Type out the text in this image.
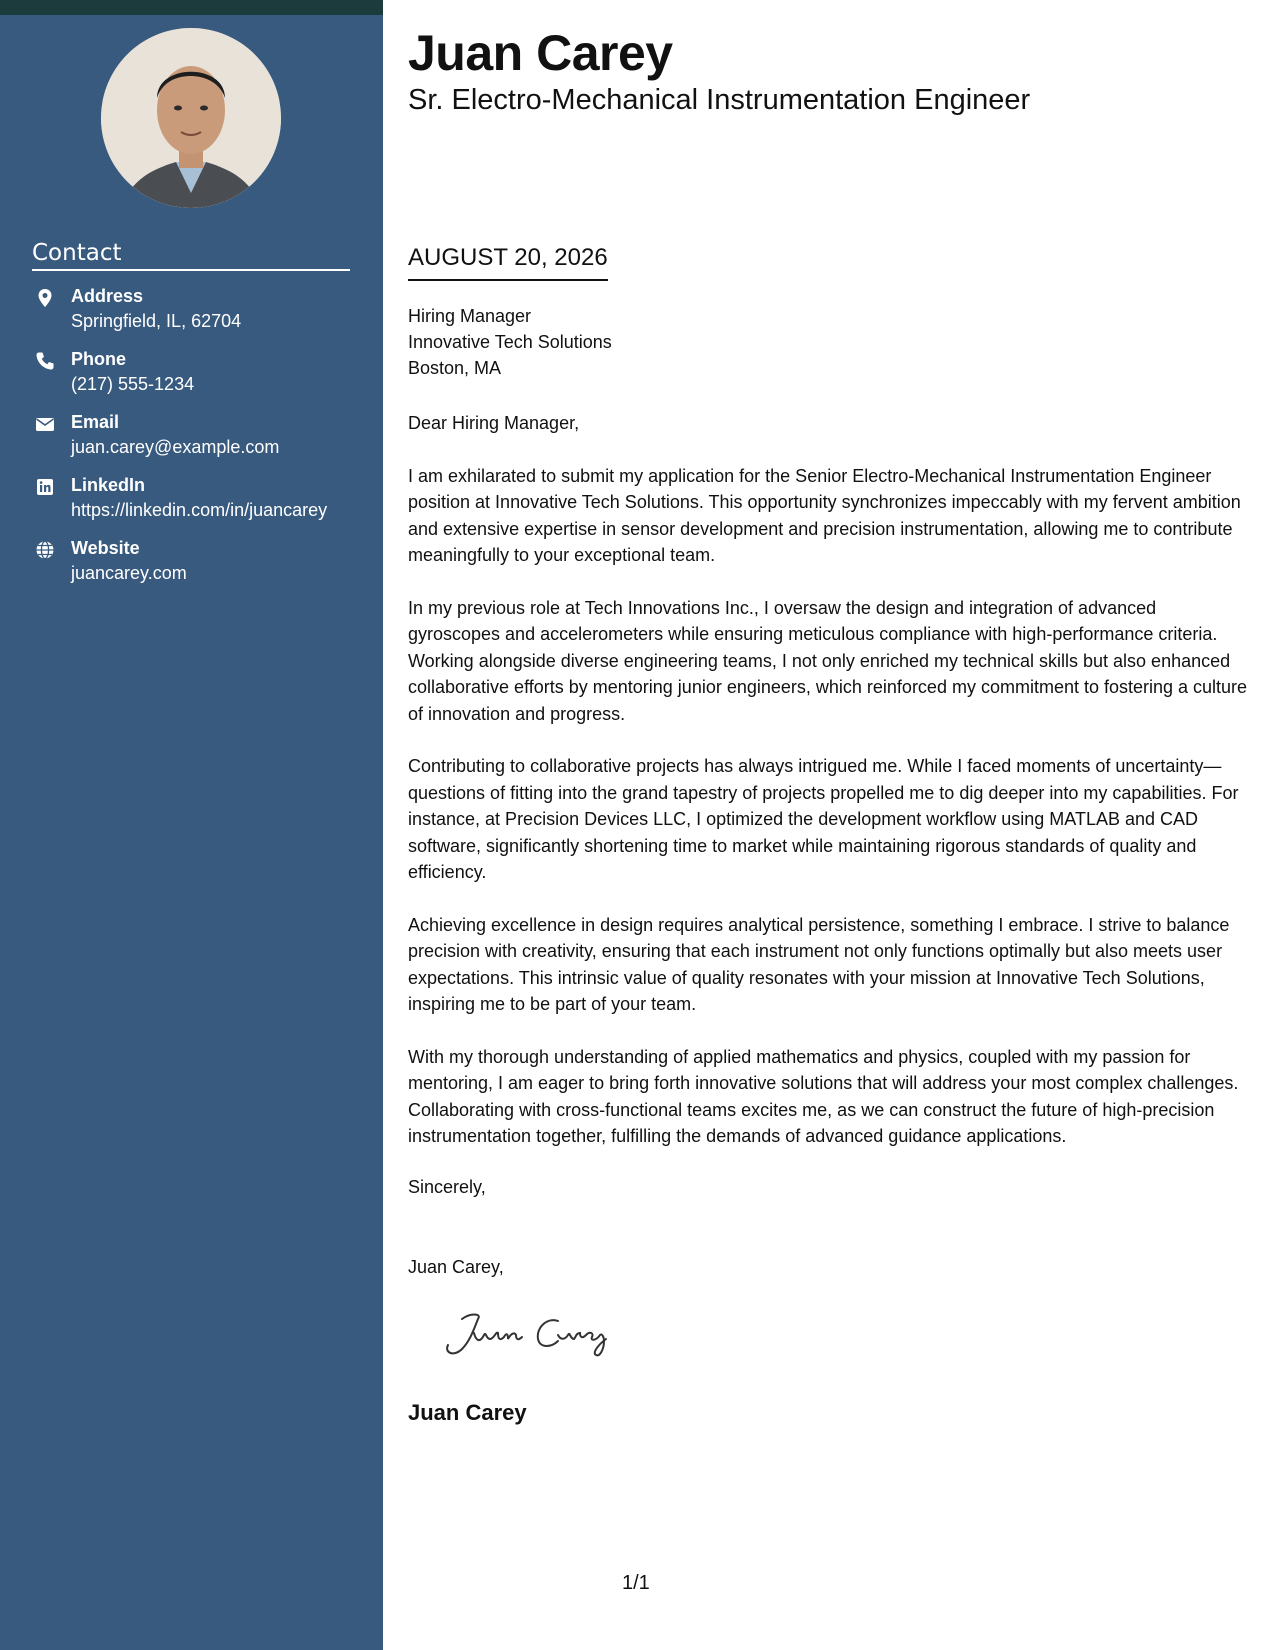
Contact
Address
Springfield, IL, 62704
Phone
(217) 555-1234
Email
juan.carey@example.com
LinkedIn
https://linkedin.com/in/juancarey
Website
juancarey.com
Juan Carey
Sr. Electro-Mechanical Instrumentation Engineer
AUGUST 20, 2026
Hiring Manager
Innovative Tech Solutions
Boston, MA

Dear Hiring Manager,

I am exhilarated to submit my application for the Senior Electro-Mechanical Instrumentation Engineer position at Innovative Tech Solutions. This opportunity synchronizes impeccably with my fervent ambition and extensive expertise in sensor development and precision instrumentation, allowing me to contribute meaningfully to your exceptional team.

In my previous role at Tech Innovations Inc., I oversaw the design and integration of advanced gyroscopes and accelerometers while ensuring meticulous compliance with high-performance criteria. Working alongside diverse engineering teams, I not only enriched my technical skills but also enhanced collaborative efforts by mentoring junior engineers, which reinforced my commitment to fostering a culture of innovation and progress.

Contributing to collaborative projects has always intrigued me. While I faced moments of uncertainty—questions of fitting into the grand tapestry of projects propelled me to dig deeper into my capabilities. For instance, at Precision Devices LLC, I optimized the development workflow using MATLAB and CAD software, significantly shortening time to market while maintaining rigorous standards of quality and efficiency.

Achieving excellence in design requires analytical persistence, something I embrace. I strive to balance precision with creativity, ensuring that each instrument not only functions optimally but also meets user expectations. This intrinsic value of quality resonates with your mission at Innovative Tech Solutions, inspiring me to be part of your team.

With my thorough understanding of applied mathematics and physics, coupled with my passion for mentoring, I am eager to bring forth innovative solutions that will address your most complex challenges. Collaborating with cross-functional teams excites me, as we can construct the future of high-precision instrumentation together, fulfilling the demands of advanced guidance applications.

Sincerely,
Juan Carey,
Juan Carey
1/1
